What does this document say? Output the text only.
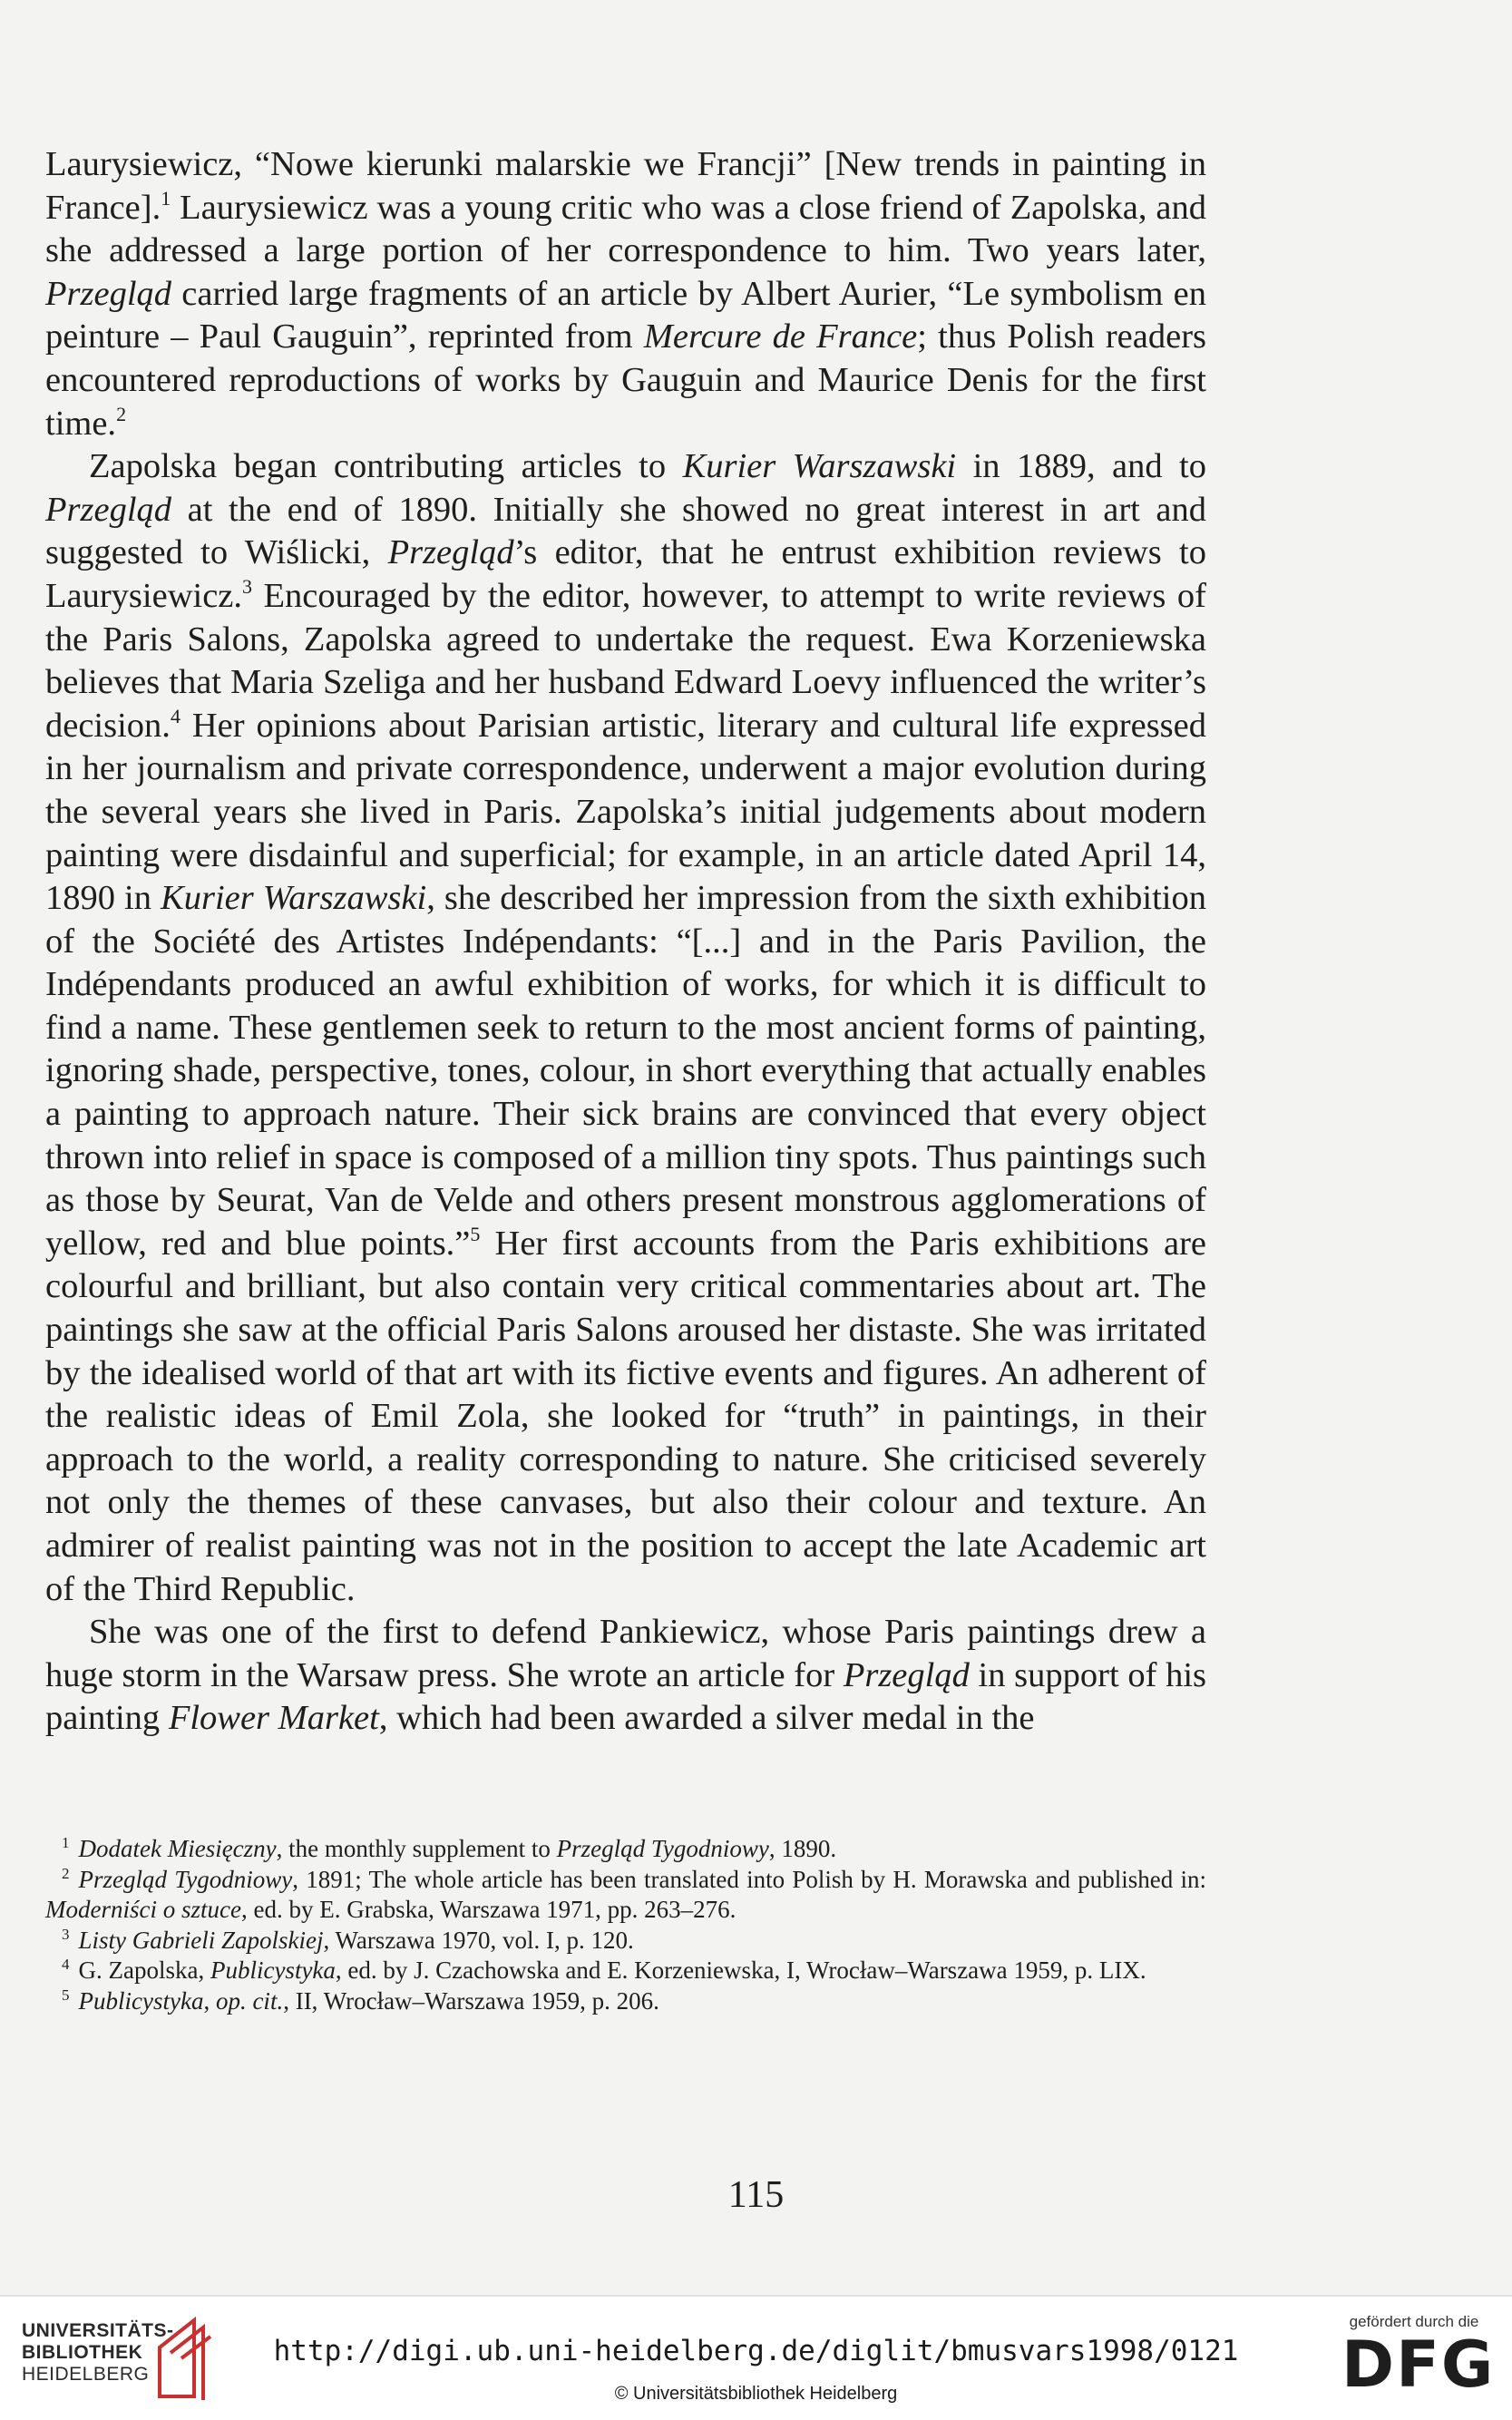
Laurysiewicz, “Nowe kierunki malarskie we Francji” [New trends in painting in France].$^1$ Laurysiewicz was a young critic who was a close friend of Zapolska, and she addressed a large portion of her correspondence to him. Two years later, Przegląd carried large fragments of an article by Albert Aurier, “Le symbolism en peinture – Paul Gauguin”, reprinted from Mercure de France; thus Polish readers encountered reproductions of works by Gauguin and Maurice Denis for the first time.$^2$

Zapolska began contributing articles to Kurier Warszawski in 1889, and to Przegląd at the end of 1890. Initially she showed no great interest in art and suggested to Wiślicki, Przegląd’s editor, that he entrust exhibition reviews to Laurysiewicz.$^3$ Encouraged by the editor, however, to attempt to write reviews of the Paris Salons, Zapolska agreed to undertake the request. Ewa Korzeniewska believes that Maria Szeliga and her husband Edward Loevy influenced the writer’s decision.$^4$ Her opinions about Parisian artistic, literary and cultural life expressed in her journalism and private correspondence, underwent a major evolution during the several years she lived in Paris. Zapolska’s initial judgements about modern painting were disdainful and superficial; for example, in an article dated April 14, 1890 in Kurier Warszawski, she described her impression from the sixth exhibition of the Société des Artistes Indépendants: “[...] and in the Paris Pavilion, the Indépendants produced an awful exhibition of works, for which it is difficult to find a name. These gentlemen seek to return to the most ancient forms of painting, ignoring shade, perspective, tones, colour, in short everything that actually enables a painting to approach nature. Their sick brains are convinced that every object thrown into relief in space is composed of a million tiny spots. Thus paintings such as those by Seurat, Van de Velde and others present monstrous agglomerations of yellow, red and blue points.”$^5$ Her first accounts from the Paris exhibitions are colourful and brilliant, but also contain very critical commentaries about art. The paintings she saw at the official Paris Salons aroused her distaste. She was irritated by the idealised world of that art with its fictive events and figures. An adherent of the realistic ideas of Emil Zola, she looked for “truth” in paintings, in their approach to the world, a reality corresponding to nature. She criticised severely not only the themes of these canvases, but also their colour and texture. An admirer of realist painting was not in the position to accept the late Academic art of the Third Republic.

She was one of the first to defend Pankiewicz, whose Paris paintings drew a huge storm in the Warsaw press. She wrote an article for Przegląd in support of his painting Flower Market, which had been awarded a silver medal in the

$^1$ Dodatek Miesięczny, the monthly supplement to Przegląd Tygodniowy, 1890.
$^2$ Przegląd Tygodniowy, 1891; The whole article has been translated into Polish by H. Morawska and published in: Moderniści o sztuce, ed. by E. Grabska, Warszawa 1971, pp. 263–276.
$^3$ Listy Gabrieli Zapolskiej, Warszawa 1970, vol. I, p. 120.
$^4$ G. Zapolska, Publicystyka, ed. by J. Czachowska and E. Korzeniewska, I, Wrocław–Warszawa 1959, p. LIX.
$^5$ Publicystyka, op. cit., II, Wrocław–Warszawa 1959, p. 206.
115
UNIVERSITÄTS-
BIBLIOTHEK
HEIDELBERG
http://digi.ub.uni-heidelberg.de/diglit/bmusvars1998/0121
© Universitätsbibliothek Heidelberg
gefördert durch die
DFG
